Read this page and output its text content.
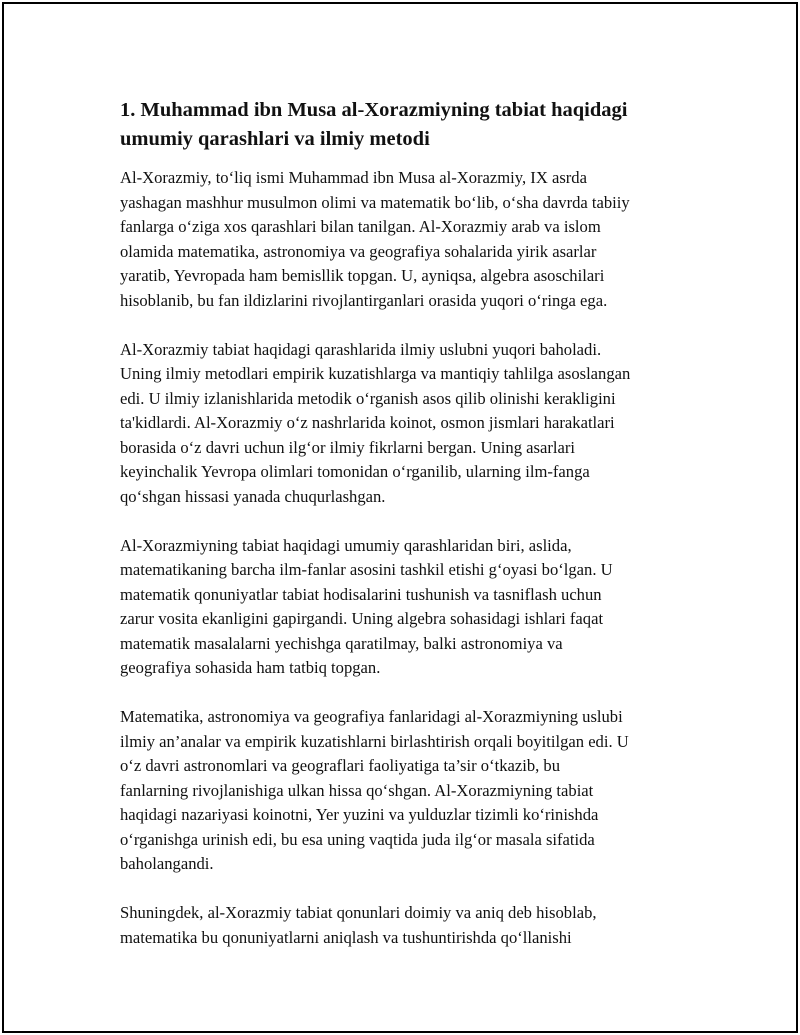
1. Muhammad ibn Musa al-Xorazmiyning tabiat haqidagi
umumiy qarashlari va ilmiy metodi

Al-Xorazmiy, to‘liq ismi Muhammad ibn Musa al-Xorazmiy, IX asrda
yashagan mashhur musulmon olimi va matematik bo‘lib, o‘sha davrda tabiiy
fanlarga o‘ziga xos qarashlari bilan tanilgan. Al-Xorazmiy arab va islom
olamida matematika, astronomiya va geografiya sohalarida yirik asarlar
yaratib, Yevropada ham bemisllik topgan. U, ayniqsa, algebra asoschilari
hisoblanib, bu fan ildizlarini rivojlantirganlari orasida yuqori o‘ringa ega.

Al-Xorazmiy tabiat haqidagi qarashlarida ilmiy uslubni yuqori baholadi.
Uning ilmiy metodlari empirik kuzatishlarga va mantiqiy tahlilga asoslangan
edi. U ilmiy izlanishlarida metodik o‘rganish asos qilib olinishi kerakligini
ta'kidlardi. Al-Xorazmiy o‘z nashrlarida koinot, osmon jismlari harakatlari
borasida o‘z davri uchun ilg‘or ilmiy fikrlarni bergan. Uning asarlari
keyinchalik Yevropa olimlari tomonidan o‘rganilib, ularning ilm-fanga
qo‘shgan hissasi yanada chuqurlashgan.

Al-Xorazmiyning tabiat haqidagi umumiy qarashlaridan biri, aslida,
matematikaning barcha ilm-fanlar asosini tashkil etishi g‘oyasi bo‘lgan. U
matematik qonuniyatlar tabiat hodisalarini tushunish va tasniflash uchun
zarur vosita ekanligini gapirgandi. Uning algebra sohasidagi ishlari faqat
matematik masalalarni yechishga qaratilmay, balki astronomiya va
geografiya sohasida ham tatbiq topgan.

Matematika, astronomiya va geografiya fanlaridagi al-Xorazmiyning uslubi
ilmiy an’analar va empirik kuzatishlarni birlashtirish orqali boyitilgan edi. U
o‘z davri astronomlari va geograflari faoliyatiga ta’sir o‘tkazib, bu
fanlarning rivojlanishiga ulkan hissa qo‘shgan. Al-Xorazmiyning tabiat
haqidagi nazariyasi koinotni, Yer yuzini va yulduzlar tizimli ko‘rinishda
o‘rganishga urinish edi, bu esa uning vaqtida juda ilg‘or masala sifatida
baholangandi.

Shuningdek, al-Xorazmiy tabiat qonunlari doimiy va aniq deb hisoblab,
matematika bu qonuniyatlarni aniqlash va tushuntirishda qo‘llanishi
